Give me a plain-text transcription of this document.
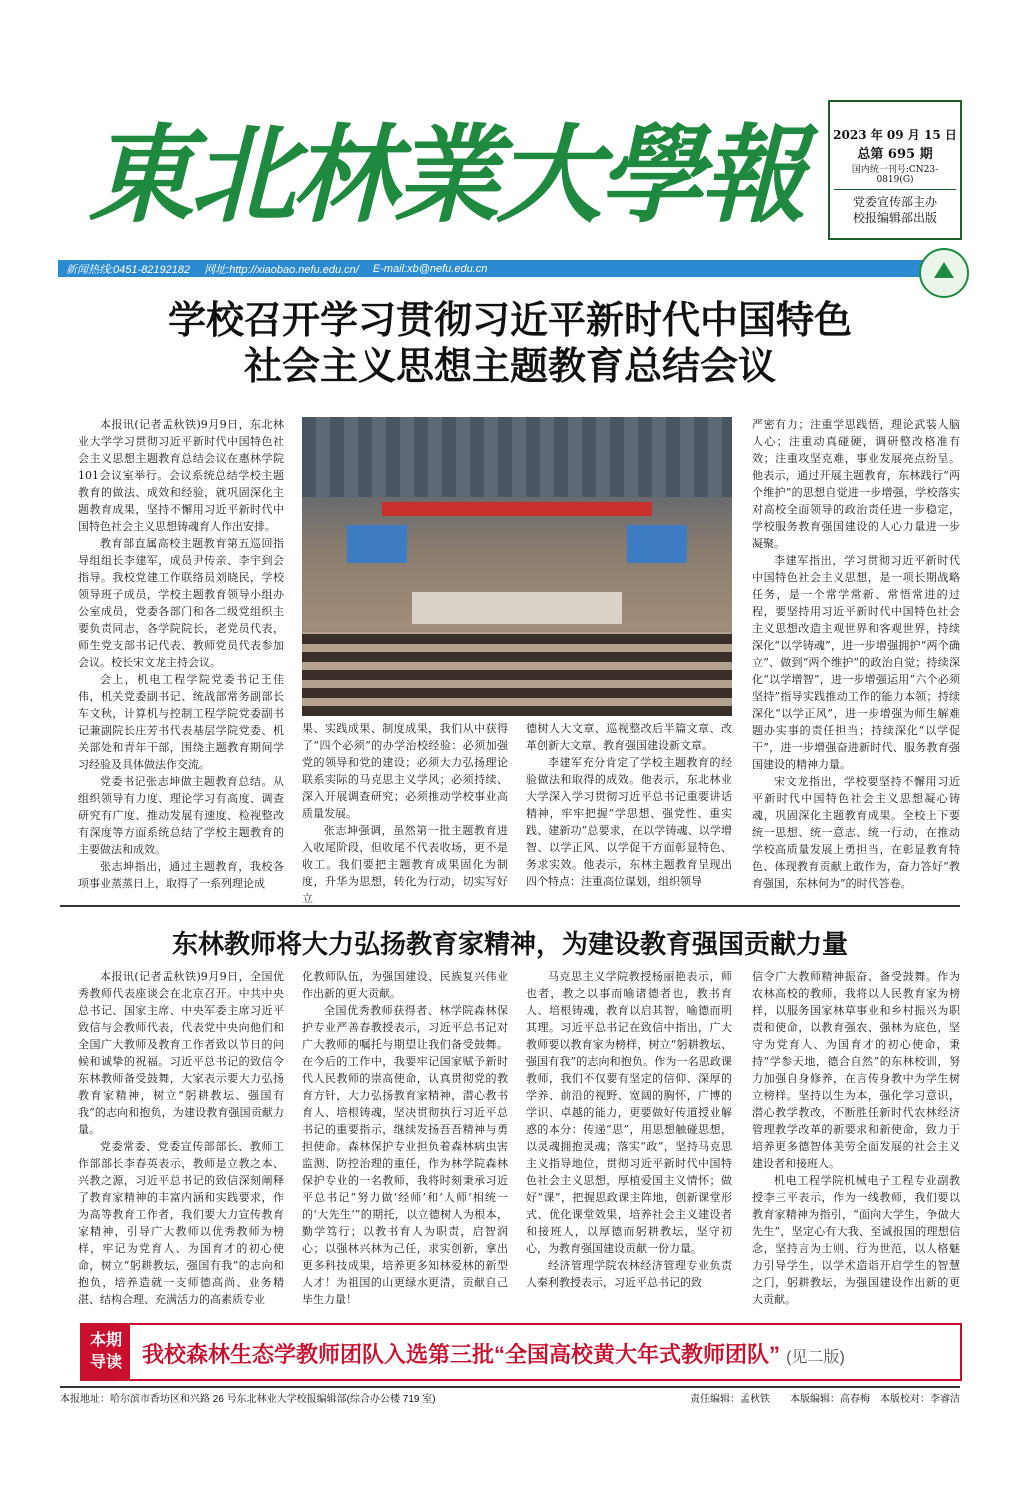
東北林業大學報	2023 年 09 月 15 日
总第 695 期
国内统一刊号:CN23-0819(G)
党委宣传部主办
校报编辑部出版
新闻热线:0451-82192182 网址:http://xiaobao.nefu.edu.cn/ E-mail:xb@nefu.edu.cn
学校召开学习贯彻习近平新时代中国特色
社会主义思想主题教育总结会议

本报讯(记者孟秋铁)9月9日，东北林业大学学习贯彻习近平新时代中国特色社会主义思想主题教育总结会议在惠林学院101会议室举行。会议系统总结学校主题教育的做法、成效和经验，就巩固深化主题教育成果，坚持不懈用习近平新时代中国特色社会主义思想铸魂育人作出安排。

教育部直属高校主题教育第五巡回指导组组长李建军，成员尹传亲、李宇到会指导。我校党建工作联络员刘晓民，学校领导班子成员，学校主题教育领导小组办公室成员，党委各部门和各二级党组织主要负责同志，各学院院长，老党员代表，师生党支部书记代表、教师党员代表参加会议。校长宋文龙主持会议。

会上，机电工程学院党委书记王佳伟，机关党委副书记、统战部常务副部长车文秋，计算机与控制工程学院党委副书记兼副院长庄芳书代表基层学院党委、机关部处和青年干部，围绕主题教育期间学习经验及具体做法作交流。

党委书记张志坤做主题教育总结。从组织领导有力度、理论学习有高度、调查研究有广度、推动发展有速度、检视整改有深度等方面系统总结了学校主题教育的主要做法和成效。

张志坤指出，通过主题教育，我校各项事业蒸蒸日上，取得了一系列理论成

果、实践成果、制度成果，我们从中获得了“四个必须”的办学治校经验：必须加强党的领导和党的建设；必须大力弘扬理论联系实际的马克思主义学风；必须持续、深入开展调查研究；必须推动学校事业高质量发展。

张志坤强调，虽然第一批主题教育进入收尾阶段，但收尾不代表收场，更不是收工。我们要把主题教育成果固化为制度，升华为思想，转化为行动，切实写好立

德树人大文章、巡视整改后半篇文章、改革创新大文章、教育强国建设新文章。

李建军充分肯定了学校主题教育的经验做法和取得的成效。他表示，东北林业大学深入学习贯彻习近平总书记重要讲话精神，牢牢把握“学思想、强党性、重实践、建新功”总要求，在以学铸魂、以学增智、以学正风、以学促干方面彰显特色、务求实效。他表示，东林主题教育呈现出四个特点：注重高位谋划，组织领导

严密有力；注重学思践悟，理论武装人脑人心；注重动真碰硬，调研整改格准有效；注重攻坚克难，事业发展亮点纷呈。他表示，通过开展主题教育，东林践行“两个维护”的思想自觉进一步增强，学校落实对高校全面领导的政治责任进一步稳定，学校服务教育强国建设的人心力量进一步凝聚。

李建军指出，学习贯彻习近平新时代中国特色社会主义思想，是一项长期战略任务，是一个常学常新、常悟常进的过程，要坚持用习近平新时代中国特色社会主义思想改造主观世界和客观世界，持续深化“以学铸魂”，进一步增强拥护“两个确立”、做到“两个维护”的政治自觉；持续深化“以学增智”，进一步增强运用“六个必须坚持”指导实践推动工作的能力本领；持续深化“以学正风”，进一步增强为师生解难题办实事的责任担当；持续深化“以学促干”，进一步增强奋进新时代、服务教育强国建设的精神力量。

宋文龙指出，学校要坚持不懈用习近平新时代中国特色社会主义思想凝心铸魂，巩固深化主题教育成果。全校上下要统一思想、统一意志、统一行动，在推动学校高质量发展上勇担当，在彰显教育特色、体现教育贡献上敢作为，奋力答好“教育强国，东林何为”的时代答卷。

东林教师将大力弘扬教育家精神，为建设教育强国贡献力量

本报讯(记者孟秋铁)9月9日，全国优秀教师代表座谈会在北京召开。中共中央总书记、国家主席、中央军委主席习近平致信与会教师代表，代表党中央向他们和全国广大教师及教育工作者致以节日的问候和诚挚的祝福。习近平总书记的致信令东林教师备受鼓舞，大家表示要大力弘扬教育家精神，树立“躬耕教坛、强国有我”的志向和抱负，为建设教育强国贡献力量。

党委常委、党委宣传部部长、教师工作部部长李春英表示，教师是立教之本、兴教之源，习近平总书记的致信深刻阐释了教育家精神的丰富内涵和实践要求，作为高等教育工作者，我们要大力宣传教育家精神，引导广大教师以优秀教师为榜样，牢记为党育人、为国育才的初心使命，树立“躬耕教坛，强国有我”的志向和抱负，培养造就一支师德高尚、业务精湛、结构合理、充满活力的高素质专业

化教师队伍，为强国建设、民族复兴伟业作出新的更大贡献。

全国优秀教师获得者、林学院森林保护专业严善春教授表示，习近平总书记对广大教师的嘱托与期望让我们备受鼓舞。在今后的工作中，我要牢记国家赋予新时代人民教师的崇高使命，认真贯彻党的教育方针，大力弘扬教育家精神，潜心教书育人、培根铸魂，坚决贯彻执行习近平总书记的重要指示，继续发扬吾吾精神与勇担使命。森林保护专业担负着森林病虫害监测、防控治理的重任，作为林学院森林保护专业的一名教师，我将时刻秉承习近平总书记“努力做‘经师’和‘人师’相统一的‘大先生’”的期托，以立德树人为根本，勤学笃行；以教书育人为职责，启智润心；以强林兴林为己任，求实创新，拿出更多科技成果，培养更多知林爱林的新型人才！为祖国的山更绿水更清，贡献自己毕生力量！

马克思主义学院教授杨丽艳表示，师也者，教之以事而喻诸德者也，教书育人、培根铸魂，教育以启其智，喻德而明其理。习近平总书记在致信中指出，广大教师要以教育家为榜样，树立“躬耕教坛、强国有我”的志向和抱负。作为一名思政课教师，我们不仅要有坚定的信仰、深厚的学养、前沿的视野、宽阔的胸怀，广博的学识、卓越的能力，更要做好传道授业解惑的本分：传递“思”，用思想触碰思想，以灵魂拥抱灵魂；落实“政”，坚持马克思主义指导地位，贯彻习近平新时代中国特色社会主义思想，厚植爱国主义情怀；做好“课”，把握思政课主阵地，创新课堂形式、优化课堂效果，培养社会主义建设者和接班人，以厚德而躬耕教坛，坚守初心，为教育强国建设贡献一份力量。

经济管理学院农林经济管理专业负责人秦利教授表示，习近平总书记的致

信令广大教师精神振奋、备受鼓舞。作为农林高校的教师，我将以人民教育家为榜样，以服务国家林草事业和乡村振兴为职责和使命，以教育强农、强林为底色，坚守为党育人、为国育才的初心使命，秉持“学参天地，德合自然”的东林校训，努力加强自身修养，在言传身教中为学生树立榜样。坚持以生为本，强化学习意识，潜心教学教改，不断胜任新时代农林经济管理教学改革的新要求和新使命，致力于培养更多德智体美劳全面发展的社会主义建设者和接班人。

机电工程学院机械电子工程专业副教授李三平表示，作为一线教师，我们要以教育家精神为指引，“面向大学生，争做大先生”，坚定心有大我、至诚报国的理想信念，坚持言为士则、行为世范，以人格魅力引导学生，以学术造诣开启学生的智慧之门，躬耕教坛，为强国建设作出新的更大贡献。

本期
导读 我校森林生态学教师团队入选第三批“全国高校黄大年式教师团队” (见二版)
本报地址：哈尔滨市香坊区和兴路 26 号东北林业大学校报编辑部(综合办公楼 719 室)	责任编辑：孟秋铁　　本版编辑：高春梅　本版校对：李睿洁
